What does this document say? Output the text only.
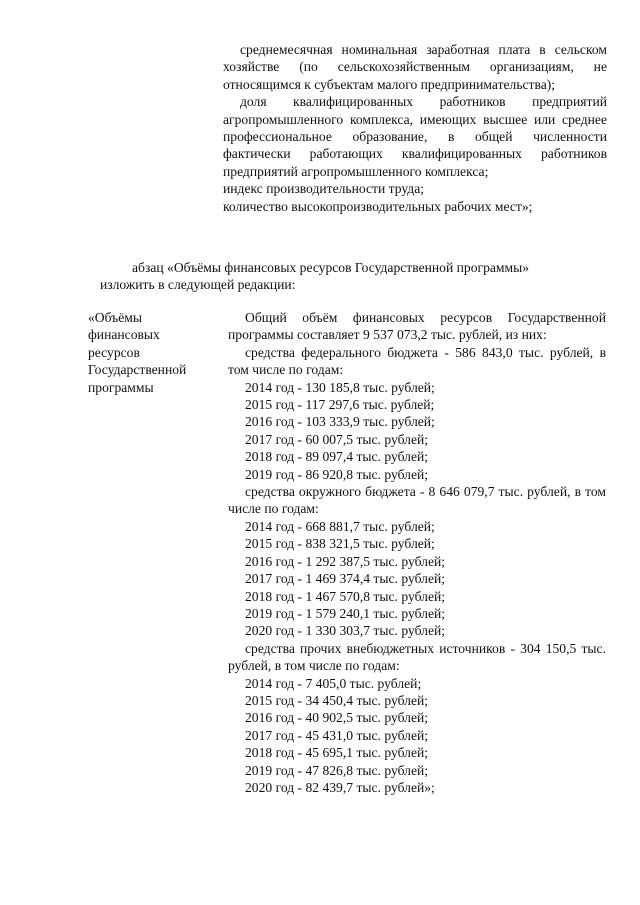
среднемесячная номинальная заработная плата в сельском хозяйстве (по сельскохозяйственным организациям, не относящимся к субъектам малого предпринимательства);

доля квалифицированных работников предприятий агропромышленного комплекса, имеющих высшее или среднее профессиональное образование, в общей численности фактически работающих квалифицированных работников предприятий агропромышленного комплекса;

индекс производительности труда;

количество высокопроизводительных рабочих мест»;

абзац «Объёмы финансовых ресурсов Государственной программы»

изложить в следующей редакции:

«Объёмы

финансовых

ресурсов

Государственной

программы

Общий объём финансовых ресурсов Государственной программы составляет 9 537 073,2 тыс. рублей, из них:

средства федерального бюджета - 586 843,0 тыс. рублей, в том числе по годам:

2014 год - 130 185,8 тыс. рублей;

2015 год - 117 297,6 тыс. рублей;

2016 год - 103 333,9 тыс. рублей;

2017 год - 60 007,5 тыс. рублей;

2018 год - 89 097,4 тыс. рублей;

2019 год - 86 920,8 тыс. рублей;

средства окружного бюджета - 8 646 079,7 тыс. рублей, в том числе по годам:

2014 год - 668 881,7 тыс. рублей;

2015 год - 838 321,5 тыс. рублей;

2016 год - 1 292 387,5 тыс. рублей;

2017 год - 1 469 374,4 тыс. рублей;

2018 год - 1 467 570,8 тыс. рублей;

2019 год - 1 579 240,1 тыс. рублей;

2020 год - 1 330 303,7 тыс. рублей;

средства прочих внебюджетных источников - 304 150,5 тыс. рублей, в том числе по годам:

2014 год - 7 405,0 тыс. рублей;

2015 год - 34 450,4 тыс. рублей;

2016 год - 40 902,5 тыс. рублей;

2017 год - 45 431,0 тыс. рублей;

2018 год - 45 695,1 тыс. рублей;

2019 год - 47 826,8 тыс. рублей;

2020 год - 82 439,7 тыс. рублей»;
